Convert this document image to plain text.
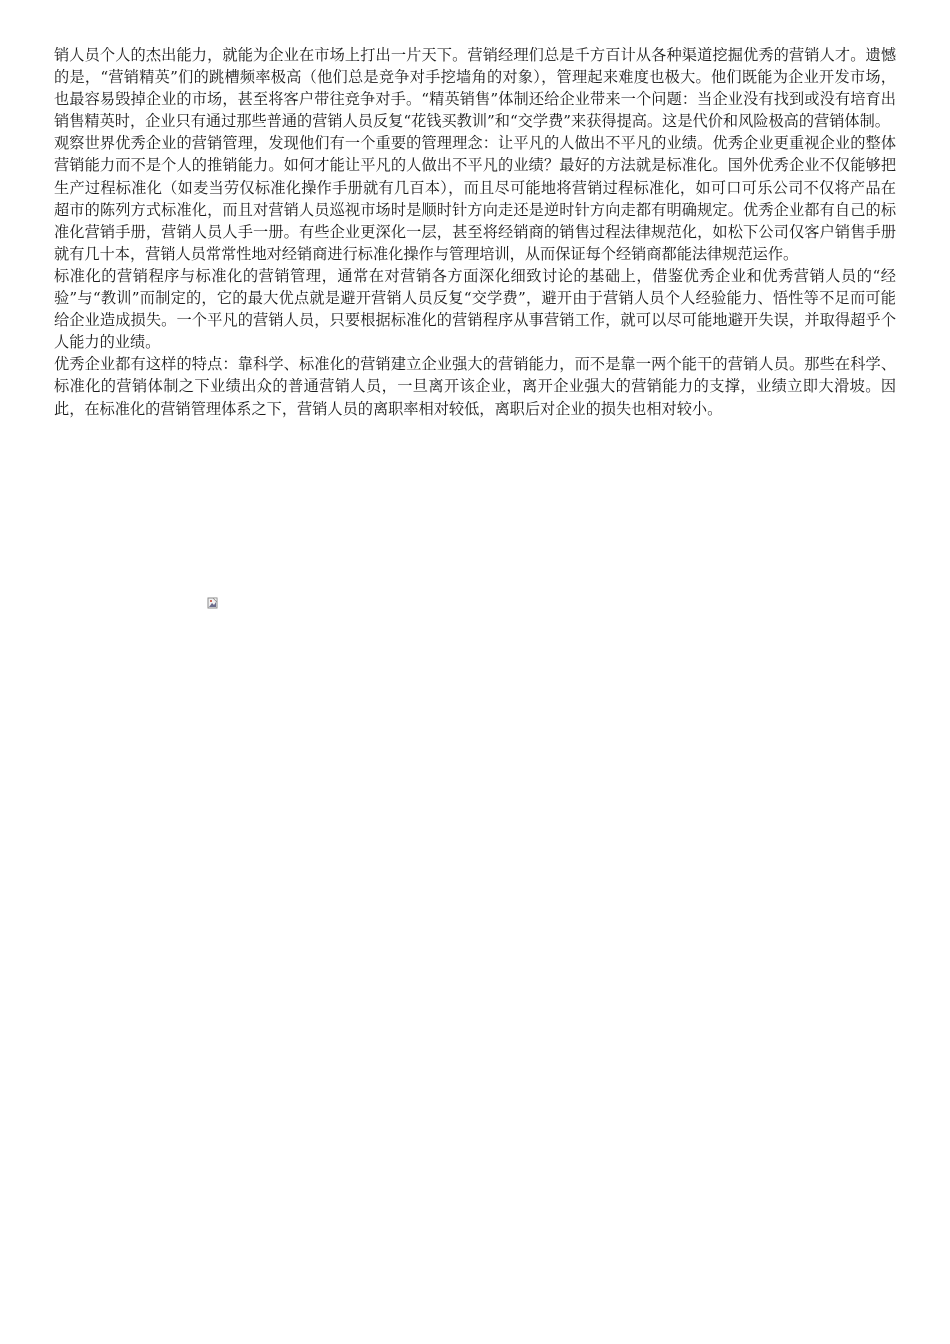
销人员个人的杰出能力，就能为企业在市场上打出一片天下。营销经理们总是千方百计从各种渠道挖掘优秀的营销人才。遗憾的是，“营销精英”们的跳槽频率极高（他们总是竞争对手挖墙角的对象），管理起来难度也极大。他们既能为企业开发市场，也最容易毁掉企业的市场，甚至将客户带往竞争对手。“精英销售”体制还给企业带来一个问题：当企业没有找到或没有培育出销售精英时，企业只有通过那些普通的营销人员反复“花钱买教训”和“交学费”来获得提高。这是代价和风险极高的营销体制。

观察世界优秀企业的营销管理，发现他们有一个重要的管理理念：让平凡的人做出不平凡的业绩。优秀企业更重视企业的整体营销能力而不是个人的推销能力。如何才能让平凡的人做出不平凡的业绩？最好的方法就是标准化。国外优秀企业不仅能够把生产过程标准化（如麦当劳仅标准化操作手册就有几百本），而且尽可能地将营销过程标准化，如可口可乐公司不仅将产品在超市的陈列方式标准化，而且对营销人员巡视市场时是顺时针方向走还是逆时针方向走都有明确规定。优秀企业都有自己的标准化营销手册，营销人员人手一册。有些企业更深化一层，甚至将经销商的销售过程法律规范化，如松下公司仅客户销售手册就有几十本，营销人员常常性地对经销商进行标准化操作与管理培训，从而保证每个经销商都能法律规范运作。

标准化的营销程序与标准化的营销管理，通常在对营销各方面深化细致讨论的基础上，借鉴优秀企业和优秀营销人员的“经验”与“教训”而制定的，它的最大优点就是避开营销人员反复“交学费”，避开由于营销人员个人经验能力、悟性等不足而可能给企业造成损失。一个平凡的营销人员，只要根据标准化的营销程序从事营销工作，就可以尽可能地避开失误，并取得超乎个人能力的业绩。

优秀企业都有这样的特点：靠科学、标准化的营销建立企业强大的营销能力，而不是靠一两个能干的营销人员。那些在科学、标准化的营销体制之下业绩出众的普通营销人员，一旦离开该企业，离开企业强大的营销能力的支撑，业绩立即大滑坡。因此，在标准化的营销管理体系之下，营销人员的离职率相对较低，离职后对企业的损失也相对较小。
